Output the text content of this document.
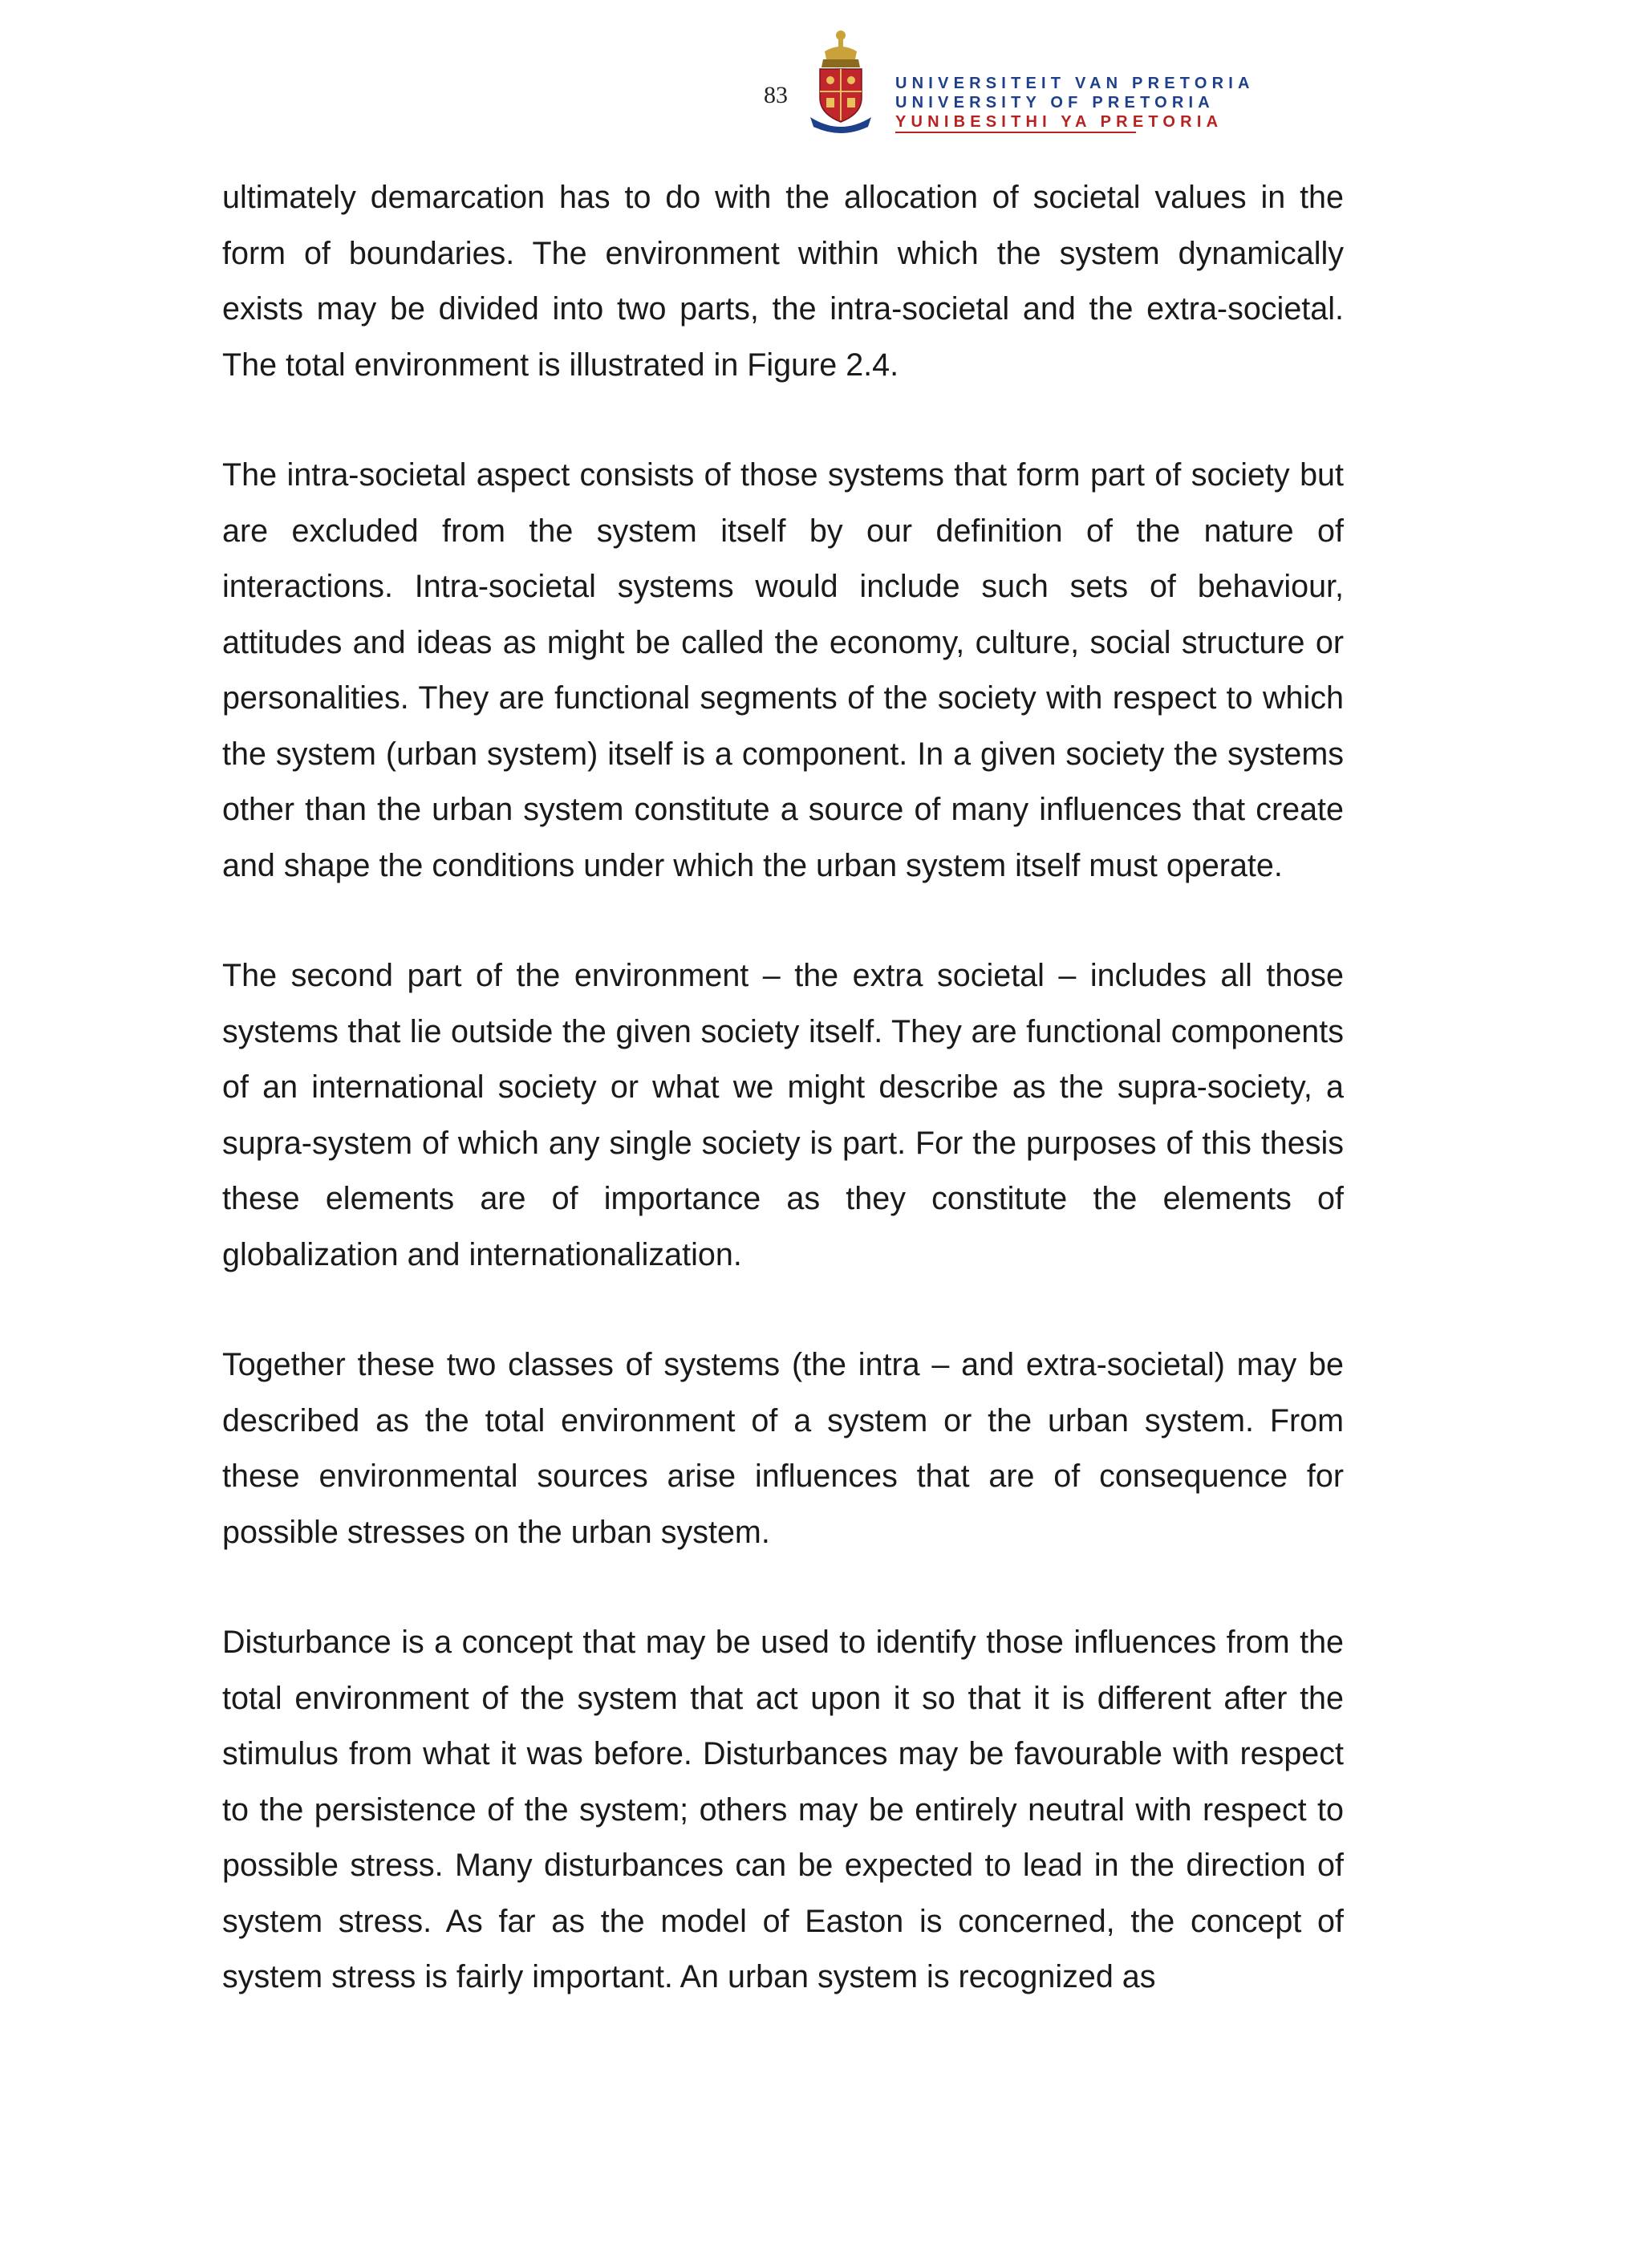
83	UNIVERSITEIT VAN PRETORIA
UNIVERSITY OF PRETORIA
YUNIBESITHI YA PRETORIA

ultimately demarcation has to do with the allocation of societal values in the form of boundaries. The environment within which the system dynamically exists may be divided into two parts, the intra-societal and the extra-societal. The total environment is illustrated in Figure 2.4.

The intra-societal aspect consists of those systems that form part of society but are excluded from the system itself by our definition of the nature of interactions. Intra-societal systems would include such sets of behaviour, attitudes and ideas as might be called the economy, culture, social structure or personalities. They are functional segments of the society with respect to which the system (urban system) itself is a component. In a given society the systems other than the urban system constitute a source of many influences that create and shape the conditions under which the urban system itself must operate.

The second part of the environment – the extra societal – includes all those systems that lie outside the given society itself. They are functional components of an international society or what we might describe as the supra-society, a supra-system of which any single society is part. For the purposes of this thesis these elements are of importance as they constitute the elements of globalization and internationalization.

Together these two classes of systems (the intra – and extra-societal) may be described as the total environment of a system or the urban system. From these environmental sources arise influences that are of consequence for possible stresses on the urban system.

Disturbance is a concept that may be used to identify those influences from the total environment of the system that act upon it so that it is different after the stimulus from what it was before. Disturbances may be favourable with respect to the persistence of the system; others may be entirely neutral with respect to possible stress. Many disturbances can be expected to lead in the direction of system stress. As far as the model of Easton is concerned, the concept of system stress is fairly important. An urban system is recognized as
